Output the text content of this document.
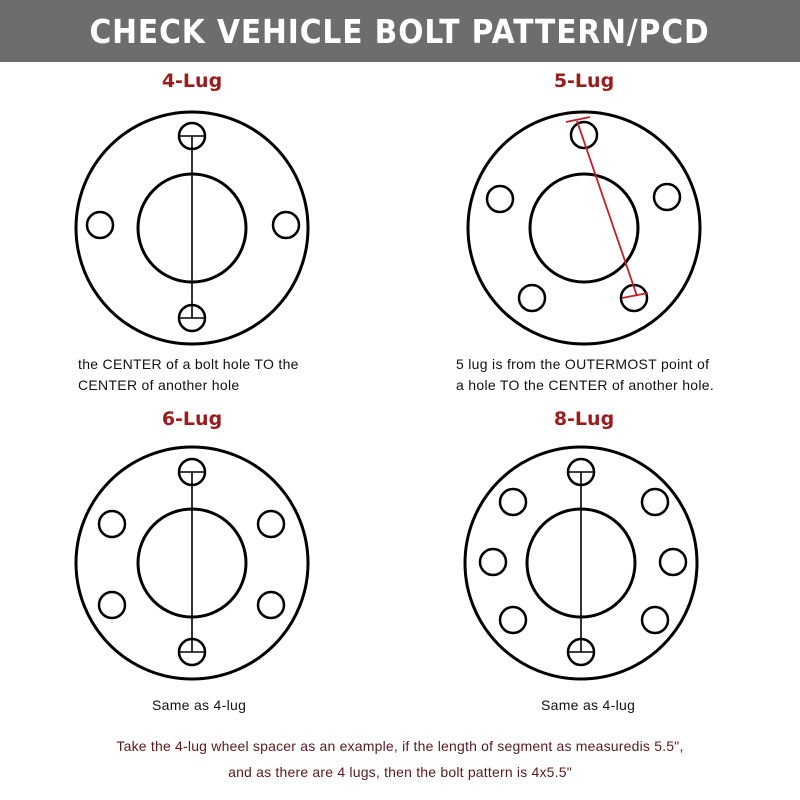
CHECK VEHICLE BOLT PATTERN/PCD
4-Lug	5-Lug
6-Lug	8-Lug
the CENTER of a bolt hole TO the
CENTER of another hole
5 lug is from the OUTERMOST point of
a hole TO the CENTER of another hole.
Same as 4-lug	Same as 4-lug
Take the 4-lug wheel spacer as an example, if the length of segment as measuredis 5.5",
and as there are 4 lugs, then the bolt pattern is 4x5.5"
